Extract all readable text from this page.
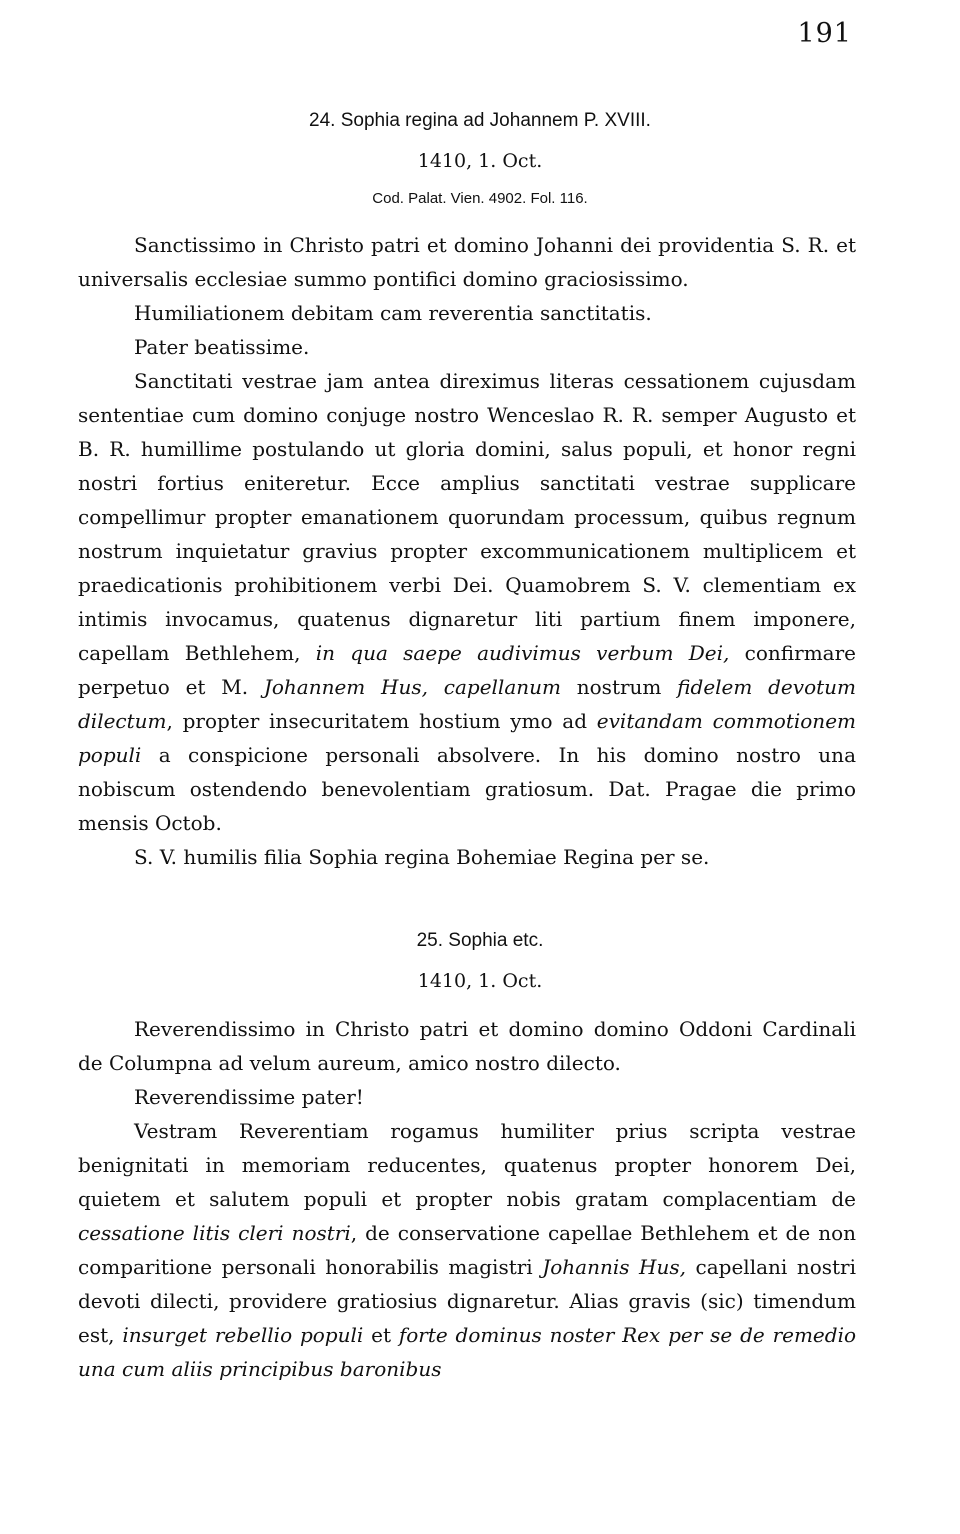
191
24. Sophia regina ad Johannem P. XVIII.
1410, 1. Oct.
Cod. Palat. Vien. 4902. Fol. 116.

Sanctissimo in Christo patri et domino Johanni dei providentia S. R. et universalis ecclesiae summo pontifici domino graciosissimo.

Humiliationem debitam cam reverentia sanctitatis.

Pater beatissime.

Sanctitati vestrae jam antea direximus literas cessationem cujusdam sententiae cum domino conjuge nostro Wenceslao R. R. semper Augusto et B. R. humillime postulando ut gloria domini, salus populi, et honor regni nostri fortius eniteretur. Ecce amplius sanctitati vestrae supplicare compellimur propter emanationem quorundam processum, quibus regnum nostrum inquietatur gravius propter excommunicationem multiplicem et praedicationis prohibitionem verbi Dei. Quamobrem S. V. clementiam ex intimis invocamus, quatenus dignaretur liti partium finem imponere, capellam Bethlehem, in qua saepe audivimus verbum Dei, confirmare perpetuo et M. Johannem Hus, capellanum nostrum fidelem devotum dilectum, propter insecuritatem hostium ymo ad evitandam commotionem populi a conspicione personali absolvere. In his domino nostro una nobiscum ostendendo benevolentiam gratiosum. Dat. Pragae die primo mensis Octob.

S. V. humilis filia Sophia regina Bohemiae Regina per se.

25. Sophia etc.
1410, 1. Oct.

Reverendissimo in Christo patri et domino domino Oddoni Cardinali de Columpna ad velum aureum, amico nostro dilecto.

Reverendissime pater!

Vestram Reverentiam rogamus humiliter prius scripta vestrae benignitati in memoriam reducentes, quatenus propter honorem Dei, quietem et salutem populi et propter nobis gratam complacentiam de cessatione litis cleri nostri, de conservatione capellae Bethlehem et de non comparitione personali honorabilis magistri Johannis Hus, capellani nostri devoti dilecti, providere gratiosius dignaretur. Alias gravis (sic) timendum est, insurget rebellio populi et forte dominus noster Rex per se de remedio una cum aliis principibus baronibus
